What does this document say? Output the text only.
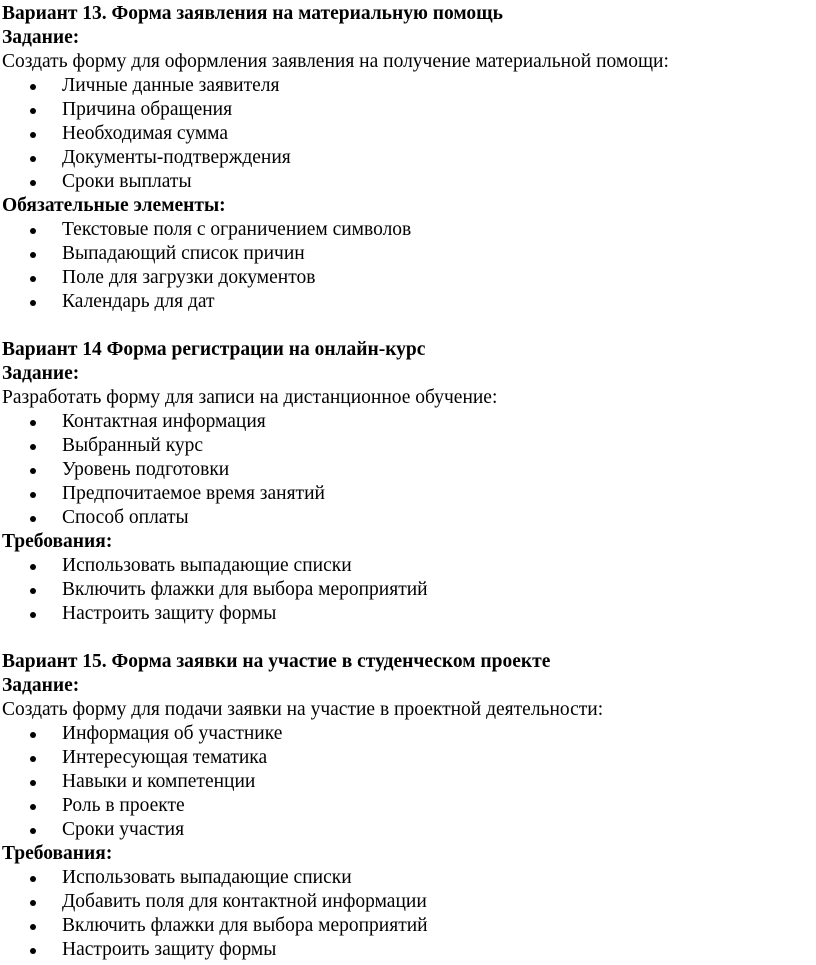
Вариант 13. Форма заявления на материальную помощь
Задание:
Создать форму для оформления заявления на получение материальной помощи:
Личные данные заявителя
Причина обращения
Необходимая сумма
Документы-подтверждения
Сроки выплаты
Обязательные элементы:
Текстовые поля с ограничением символов
Выпадающий список причин
Поле для загрузки документов
Календарь для дат
Вариант 14 Форма регистрации на онлайн-курс
Задание:
Разработать форму для записи на дистанционное обучение:
Контактная информация
Выбранный курс
Уровень подготовки
Предпочитаемое время занятий
Способ оплаты
Требования:
Использовать выпадающие списки
Включить флажки для выбора мероприятий
Настроить защиту формы
Вариант 15. Форма заявки на участие в студенческом проекте
Задание:
Создать форму для подачи заявки на участие в проектной деятельности:
Информация об участнике
Интересующая тематика
Навыки и компетенции
Роль в проекте
Сроки участия
Требования:
Использовать выпадающие списки
Добавить поля для контактной информации
Включить флажки для выбора мероприятий
Настроить защиту формы
